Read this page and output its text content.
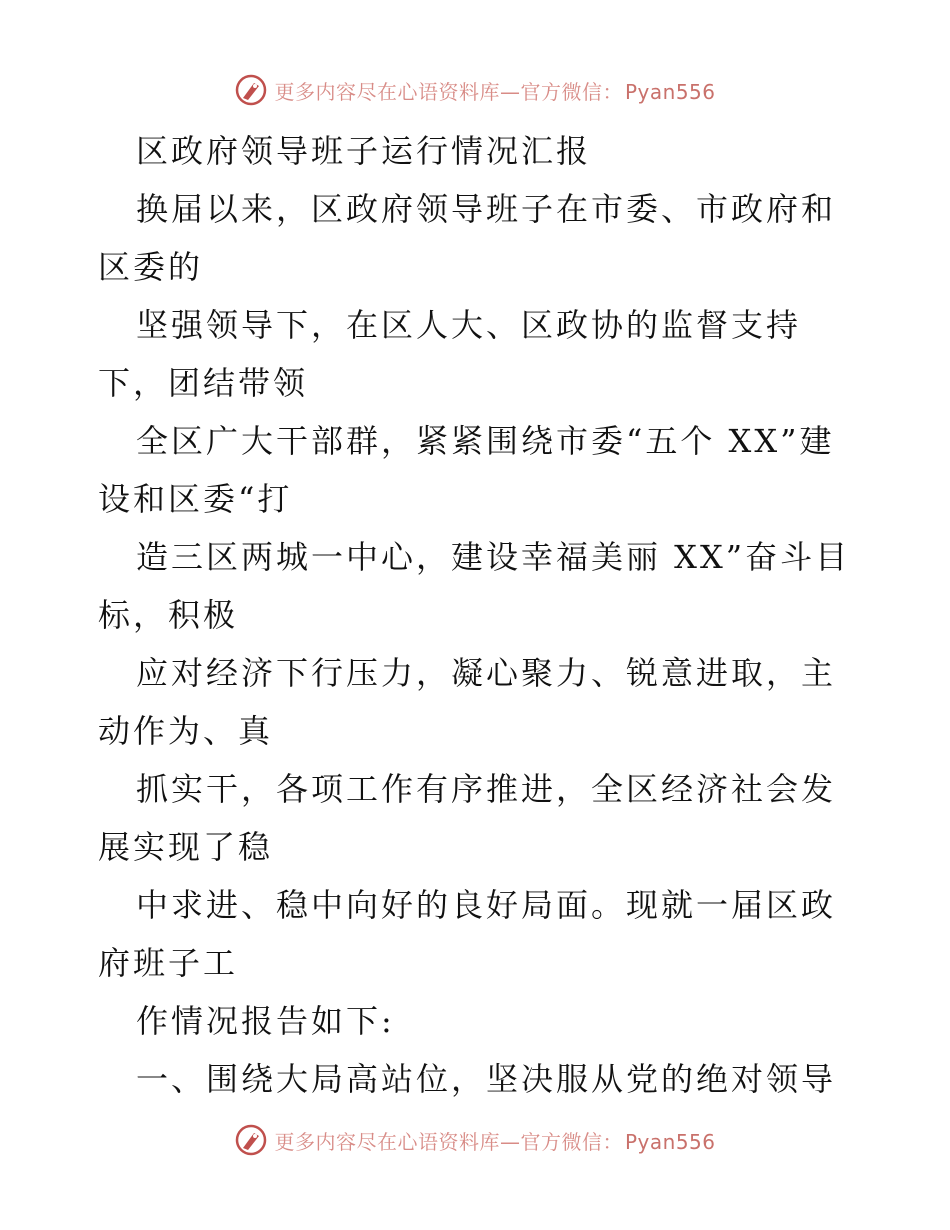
更多内容尽在心语资料库—官方微信： Pyan556

区政府领导班子运行情况汇报

换届以来，区政府领导班子在市委、市政府和区委的

坚强领导下，在区人大、区政协的监督支持下，团结带领

全区广大干部群，紧紧围绕市委“五个 XX”建设和区委“打

造三区两城一中心，建设幸福美丽 XX”奋斗目标，积极

应对经济下行压力，凝心聚力、锐意进取，主动作为、真

抓实干，各项工作有序推进，全区经济社会发展实现了稳

中求进、稳中向好的良好局面。现就一届区政府班子工

作情况报告如下:

一、围绕大局高站位，坚决服从党的绝对领导

更多内容尽在心语资料库—官方微信： Pyan556
